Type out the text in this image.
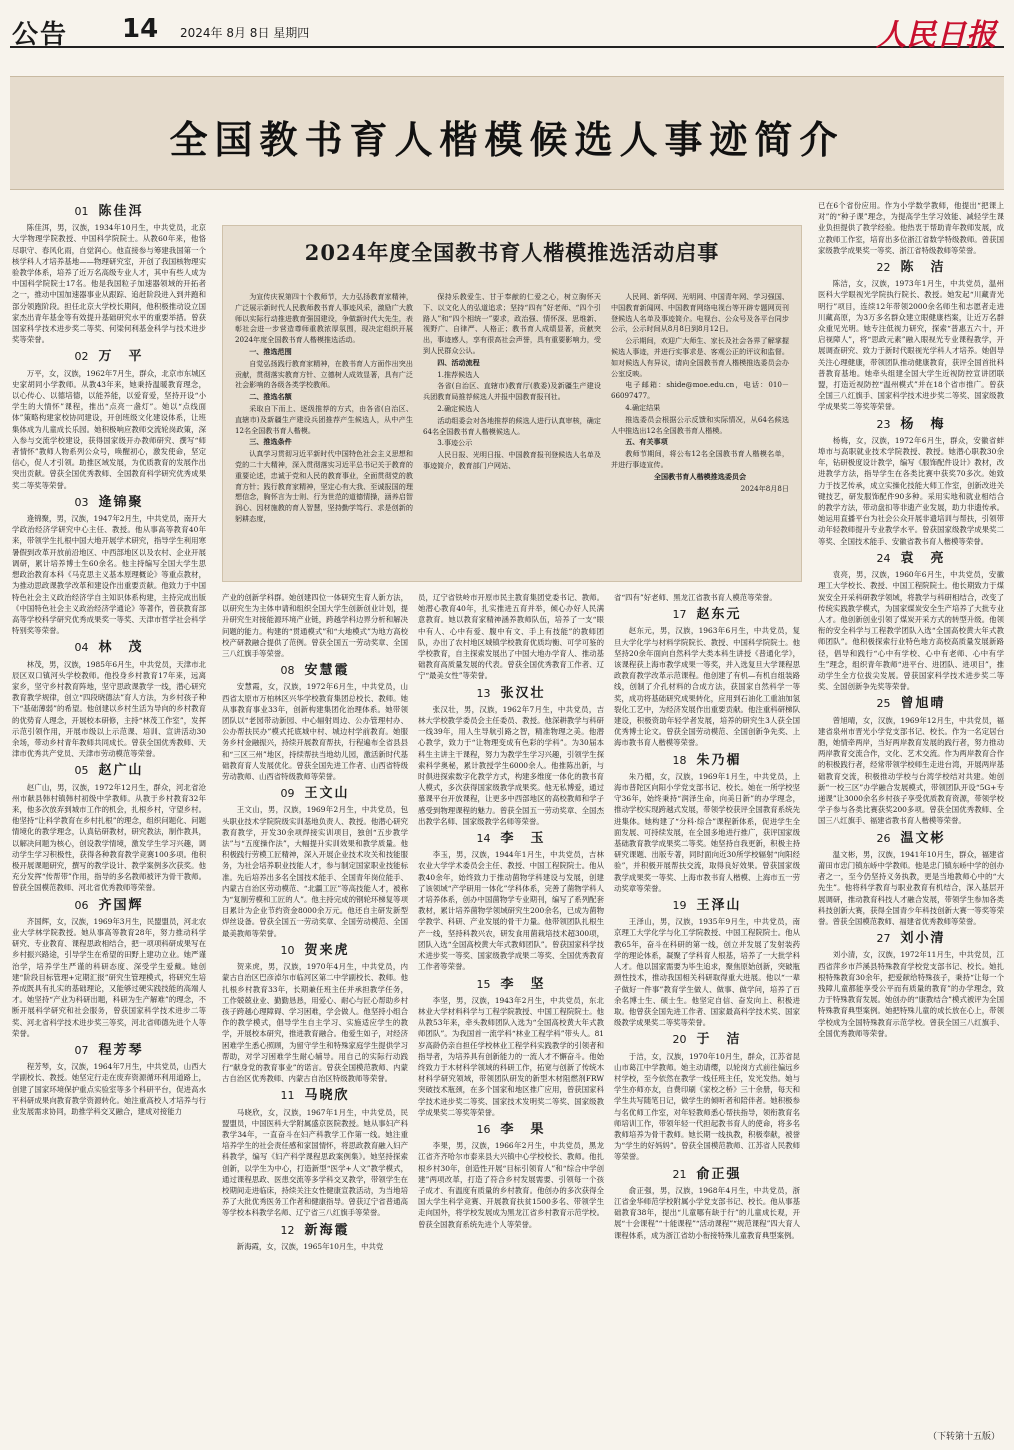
公告 14 2024年 8月 8日 星期四	人民日报
全国教书育人楷模候选人事迹简介
01 陈佳洱

陈佳洱，男，汉族，1934年10月生，中共党员，北京大学物理学院教授、中国科学院院士。从教60年来，他恪尽职守、春风化雨，自觉润心。他直接参与筹建我国第一个核学科人才培养基地——物理研究室，开创了我国核物理实验教学体系，培养了近万名高级专业人才，其中有些人成为中国科学院院士17名。他是我国粒子加速器领域的开拓者之一，推动中国加速器事业从跟踪、追赶阶段进入到并跑和部分领跑阶段。担任北京大学校长期间，他积极推动设立国家杰出青年基金等有效提升基础研究水平的重要举措。曾获国家科学技术进步奖二等奖、何梁何利基金科学与技术进步奖等荣誉。

02 万　平

万平，女，汉族，1962年7月生，群众，北京市东城区史家胡同小学教师。从教43年来，她秉持温暖教育理念，以心传心、以德培德，以能养能，以爱育爱，坚持开设“小学生的大情怀”课程，推出“点亮一盏灯”。她以“点线面体”策略构建家校协同建设，开创班级文化建设体系，让班集体成为儿童成长乐园。她积极响应教师交流轮岗政策，深入参与交流学校建设，获得国家级开办教师研究、撰写“师者情怀”教师人物系列公众号，唤醒初心，激发使命，坚定信心，促人才引领。助推区域发展，为优质教育的发展作出突出贡献。曾获全国优秀教师、全国教育科学研究优秀成果奖二等奖等荣誉。

03 逄锦聚

逄锦聚，男，汉族，1947年2月生，中共党员，南开大学政治经济学研究中心主任、教授。他从事高等教育40年来，带领学生扎根中国大地开展学术研究，指导学生利用寒暑假到改革开放前沿地区、中西部地区以及农村、企业开展调研，累计培养博士生60余名。他主持编写全国大学生思想政治教育本科《马克思主义基本原理概论》等重点教材，为推动思政课教学改革和建设作出重要贡献。他致力于中国特色社会主义政治经济学自主知识体系构建，主持完成出版《中国特色社会主义政治经济学通论》等著作，曾获教育部高等学校科学研究优秀成果奖一等奖、天津市哲学社会科学特别奖等荣誉。

04 林　茂

林茂，男，汉族，1985年6月生，中共党员，天津市北辰区双口镇河头学校教师。他投身乡村教育17年来，远离家乡，坚守乡村教育阵地，坚守思政课教学一线，潜心研究教育教学规律，创立“四段晓德法”育人方法，为乡村孩子种下“基础薄弱”的希望。他创建以乡村生活为导向的乡村教育的优势育人理念，开展校本研修，主持“林茂工作室”，发挥示范引领作用，开展市级以上示范课、培训、宣讲活动30余场，带动乡村青年教师共同成长。曾获全国优秀教师、天津市优秀共产党员、天津市劳动模范等荣誉。

05 赵广山

赵广山，男，汉族，1972年12月生，群众，河北省沧州市献县韩村镇韩村初级中学教师。从教于乡村教育32年来，他多次放弃到城市工作的机会，扎根乡村，守望乡村。他坚持“让科学教育在乡村扎根”的理念，组织问题化、问题情境化的教学理念，认真钻研教材，研究教法，制作教具，以解决问题为核心，创设教学情境，激发学生学习兴趣，调动学生学习积极性，获得各种教育教学竞赛100多项。他积极开展课题研究，撰写的教学设计、教学案例多次获奖。他充分发挥“传帮带”作用，指导的多名教师被评为骨干教师。曾获全国模范教师、河北省优秀教师等荣誉。

06 齐国辉

齐国辉，女，汉族，1969年3月生，民盟盟员，河北农业大学林学院教授。她从事高等教育28年，努力推动科学研究、专业教育、课程思政相结合，把一项项科研成果写在乡村振兴路途，引导学生在希望的田野上建功立业。她严谨治学，培养学生严谨的科研态度、深受学生爱戴。她创建“阶段目标管理+定期汇报”研究生管理模式，将研究生培养成既具有扎实的基础理论，又能够过硬实践技能的高端人才。她坚持“产业为科研出题，科研为生产解难”的理念，不断开展科学研究和社会服务，曾获国家科学技术进步二等奖、河北省科学技术进步奖三等奖，河北省师德先进个人等荣誉。

07 程芳琴

程芳琴，女，汉族，1964年7月生，中共党员，山西大学副校长、教授。她坚定行走在废弃资源循环利用道路上，创建了国家环境保护重点实验室等多个科研平台，促进高水平科研成果向教育教学资源转化。她注重高校人才培养与行业发展需求协同，助推学科交叉融合，建成对接能力

产业的创新学科群。她创建四位一体研究生育人新方法，以研究生为主体申请和组织全国大学生创新创业计划，提升研究生对接能源环境产业链，跨越学科边界分析和解决问题的能力。构建的“贯通模式”和“大地模式”为地方高校校产研教融合提供了范例。曾获全国五一劳动奖章、全国三八红旗手等荣誉。

08 安慧霞

安慧霞，女，汉族，1972年6月生，中共党员，山西省太原市万柏林区兴华学校教育集团总校长、教师。她从事教育事业33年，创新构建集团化治理体系。她带领团队以“老园带动新园、中心辐射周边、公办管理村办、公办帮扶民办”模式托底城中村、城边村学前教育。她服务乡村金融振兴，持续开展教育帮扶，行程遍布全省县县和“三区三州”地区，持续帮扶当地幼儿园，激活新时代基础教育育人发展优化。曾获全国先进工作者、山西省特级劳动教师、山西省特级教师等荣誉。

09 王文山

王文山，男，汉族，1969年2月生，中共党员，包头职业技术学院院级实训基地负责人、教授。他潜心研究教育教学，开发30余项焊接实训项目，独创“五步教学法”与“五度操作法”，大幅提升实训效果和教学质量。他积极践行劳模工匠精神，深入开展企业技术攻关和技能服务，为社会培养职业技能人才，参与制定国家职业技能标准。先后培养出多名全国技术能手、全国青年岗位能手、内蒙古自治区劳动模范、“北疆工匠”等高技能人才，被称为“复制劳模和工匠的人”。他主持完成的钢轮环梯复等项目累计为企业节约资金8000余万元。他还自主研发新型焊丝设备。曾获全国五一劳动奖章、全国劳动模范、全国最美教师等荣誉。

10 贺来虎

贺来虎，男，汉族，1970年4月生，中共党员，内蒙古自治区巴彦淖尔市临河区第二中学副校长、教师。他扎根乡村教育33年，长期兼任班主任并承担教学任务，工作兢兢业业、勤勤恳恳，用爱心、耐心与匠心帮助乡村孩子跨越心理障碍、学习困难，学会做人。他坚持小组合作的教学模式，倡导学生自主学习、实施适应学生的教学，开展校本研究，推进教育融合。他爱生如子，对经济困难学生悉心照顾，为留守学生和特殊家庭学生提供学习帮助，对学习困难学生耐心辅导。用自己的实际行动践行“献身党的教育事业”的诺言。曾获全国模范教师、内蒙古自治区优秀教师、内蒙古自治区特级教师等荣誉。

11 马晓欣

马晓欣，女，汉族，1967年1月生，中共党员，民盟盟员，中国医科大学附属盛京医院教授。她从事妇产科教学34年，一直奋斗在妇产科教学工作第一线。她注重培养学生的社会责任感和家国情怀，将思政教育融入妇产科教学，编写《妇产科学课程思政案例集》。她坚持探索创新，以学生为中心，打造新型“医学+人文”教学模式，通过课程思政、医患交流等多学科交叉教学，带领学生在校期间走进临床，持续关注女性健康宣教活动，为当地培养了大批优秀医务工作者和健康指导。曾获辽宁省普通高等学校本科教学名师、辽宁省三八红旗手等荣誉。

12 新海霞

新海霞，女，汉族，1965年10月生，中共党

员，辽宁省铁岭市开原市民主教育集团党委书记、教师。她潜心教育40年，扎实推进五育并举，倾心办好人民满意教育。她以教育家精神涵养教师队伍，培养了一支“眼中有人、心中有爱、腹中有文、手上有技能”的教师团队，办出了农村地区城镇学校教育优质均衡、可学可鉴的学校教育，自主探索发展出了中国大地办学育人、推动基础教育高质量发展的代表。曾获全国优秀教育工作者、辽宁“最美女性”等荣誉。

13 张汉壮

张汉壮，男，汉族，1962年7月生，中共党员，吉林大学校教学委员会主任委员、教授。他深耕教学与科研一线39年，用人生导航引路之智，精准物理之美。他潜心教学，致力于“让物理变成有色彩的学科”。为30届本科生主讲主干课程，努力为教学生学习兴趣，引领学生探索科学奥秘，累计教授学生6000余人。他推陈出新，与时俱进探索数字化教学方式，构建多维度一体化的教书育人模式，多次获得国家级教学成果奖。他无私博爱，通过慕课平台开放课程，让更多中西部地区的高校教师和学子感受到物理课程的魅力。曾获全国五一劳动奖章、全国杰出教学名师、国家级教学名师等荣誉。

14 李　玉

李玉，男，汉族，1944年1月生，中共党员，吉林农业大学学术委员会主任、教授、中国工程院院士。他从教40余年，始终致力于推动菌物学科建设与发展，创建了该领域“产学研用一体化”学科体系，完善了菌物学科人才培养体系，创办中国菌物学专业期刊，编写了系列配套教材，累计培养菌物学领域研究生200余名，已成为菌物学教学、科研、产业发展的骨干力量。他带领团队扎根生产一线，坚持科教兴农，研发食用菌栽培技术超300项，团队入选“全国高校黄大年式教师团队”。曾获国家科学技术进步奖一等奖、国家级教学成果二等奖、全国优秀教育工作者等荣誉。

15 李　坚

李坚，男，汉族，1943年2月生，中共党员，东北林业大学材料科学与工程学院教授、中国工程院院士。他从教53年来，牵头教师团队入选为“全国高校黄大年式教师团队”。为我国首一流学科“林业工程学科”带头人。81岁高龄仍亲自担任学校林业工程学科实践教学的引领者和指导者，为培养具有创新能力的一流人才不懈奋斗。他始终致力于木材科学领域的科研工作，拓宽与创新了传统木材科学研究领域，带领团队研发的新型木材阻燃剂FRW突破技术瓶颈，在多个国家和地区推广应用，曾获国家科学技术进步奖二等奖、国家技术发明奖二等奖、国家级教学成果奖二等奖等荣誉。

16 李　果

李果，男，汉族，1966年2月生，中共党员，黑龙江省齐齐哈尔市泰来县大兴镇中心学校校长、教师。他扎根乡村30年，创造性开展“目标引领育人”和“综合中学创建”两项改革，打造了符合乡村发展需要、引领每一个孩子成才、有温度有质量的乡村教育。他创办的多次获得全国大学生科学竞赛、开展教育扶贫1500多名、带领学生走向国外，将学校发展成为黑龙江省乡村教育示范学校。曾获全国教育系统先进个人等荣誉。

省“四有”好老师、黑龙江省教书育人模范等荣誉。

17 赵东元

赵东元，男，汉族，1963年6月生，中共党员，复旦大学化学与材料学院院长、教授、中国科学院院士。他坚持20余年面向自然科学大类本科生讲授《普通化学》，该课程获上海市教学成果一等奖，并入选复旦大学课程思政教育教学改革示范课程。他创建了有机—有机自组装路线，创制了介孔材料的合成方法，获国家自然科学一等奖，成功将基础研究成果转化，应用到石油化工重油加氢裂化工艺中，为经济发展作出重要贡献。他注重科研梯队建设，积极资助年轻学者发展，培养的研究生3人获全国优秀博士论文。曾获全国劳动模范、全国创新争先奖、上海市教书育人楷模等荣誉。

18 朱乃楣

朱乃楣，女，汉族，1969年1月生，中共党员，上海市普陀区向阳小学党支部书记、校长。她在一所学校坚守36年，始终秉持“润泽生命，向美日新”的办学理念，推动学校实现跨越式发展，带领学校获评全国教育系统先进集体。她构建了“分科·综合”课程新体系，促进学生全面发展、可持续发展，在全国多地进行推广，获评国家级基础教育教学成果奖二等奖。她坚持自我更新，积极主持研究课题、出版专著，同时面向近30所学校辐射“向阳经验”，并积极开展帮扶交流，取得良好效果。曾获国家级教学成果奖一等奖、上海市教书育人楷模、上海市五一劳动奖章等荣誉。

19 王泽山

王泽山，男，汉族，1935年9月生，中共党员，南京理工大学化学与化工学院教授、中国工程院院士。他从教65年，奋斗在科研的第一线，创立并发展了发射装药学的理论体系，凝聚了学科育人根基，培养了一大批学科人才。他以国家需要为毕生追求，聚焦原始创新，突破瓶颈性技术，推动我国相关科研取得重大进展。他以“一辈子做好一件事”教育学生做人、做事、做学问，培养了百余名博士生、硕士生。他坚定自信、奋发向上、积极进取。他曾获全国先进工作者、国家最高科学技术奖、国家级教学成果奖二等奖等荣誉。

20 于　洁

于洁，女，汉族，1970年10月生，群众，江苏省昆山市葛江中学教师。她主动请缨，以轮岗方式前往偏远乡村学校，至今依然在教学一线任班主任，发光发热。她与学生亦师亦友，自费印刷《家校之桥》三十余册，每天和学生共写随笔日记，做学生的倾听者和陪伴者。她积极参与名优师工作室，对年轻教师悉心帮扶指导，领衔教育名师培训工作，带领年轻一代担起教书育人的使命，将多名教师培养为骨干教师。她长期一线执教，积极奉献，被誉为“学生的好妈妈”。曾获全国模范教师、江苏省人民教师等荣誉。

21 俞正强

俞正强，男，汉族，1968年4月生，中共党员，浙江省金华师范学校附属小学党支部书记、校长。他从事基础教育38年，提出“儿童哪有缺于行”的儿童成长观，开展“十会课程”“十能课程”“活动课程”“规范课程”四大育人课程体系，成为浙江省幼小衔接特殊儿童教育典型案例。

已在6个省份应用。作为小学数学教师，他提出“把课上对”的“种子课”理念，为提高学生学习效能、减轻学生课业负担提供了教学经验。他热衷于帮助青年教师发展，成立教师工作室，培育出多位浙江省数学特级教师。曾获国家级教学成果奖一等奖、浙江省特级教师等荣誉。

22 陈　洁

陈洁，女，汉族，1973年1月生，中共党员，温州医科大学眼视光学院执行院长、教授。她发起“川藏青光明行”项目，连续12年带领2000余名师生和志愿者走进川藏高原，为3万多名群众建立眼健康档案，让近万名群众重见光明。她专注低视力研究，探索“普惠五六十，开启视障人”，将“思政元素”融入眼视光专业课程教学，开展调查研究、致力于新时代眼视光学科人才培养。她倡导关注心理健康，带领团队推动健康教育，获评全国首批科普教育基地。她牵头组建全国大学生近视防控宣讲团联盟，打造近视防控“温州模式”并在18个省市推广。曾获全国三八红旗手、国家科学技术进步奖二等奖、国家级教学成果奖二等奖等荣誉。

23 杨　梅

杨梅，女，汉族，1972年6月生，群众，安徽省蚌埠市与高职就业技术学院教授、教授。她潜心职教30余年，钻研极度设计教学，编写《服饰配件设计》教材，改进教学方法，指导学生在各类比赛中获奖70多次。她致力于技艺传承，成立实操化技能大师工作室，创新改进关键技艺，研发服饰配件90多种。采用实地和就业相结合的教学方法，带动盘扣等非遗产业发展，助力非遗传承。她运用直播平台为社会公众开展非遗培训与帮扶，引领带动年轻教师提升专业教学水平。曾获国家级教学成果奖二等奖、全国技术能手、安徽省教书育人楷模等荣誉。

24 袁　亮

袁亮，男，汉族，1960年6月生，中共党员，安徽理工大学校长、教授、中国工程院院士。他长期致力于煤炭安全开采科研教学领域，将教学与科研相结合，改变了传统实践教学模式，为国家煤炭安全生产培养了大批专业人才。他创新创业引领了煤炭开采方式的转型升级。他领衔的安全科学与工程教学团队入选“全国高校黄大年式教师团队”。他积极探索行业特色地方高校高质量发展新路径，倡导和践行“心中有学校、心中有老师、心中有学生”理念，组织青年教师“进平台、进团队、进项目”，推动学生全方位拔尖发展。曾获国家科学技术进步奖二等奖、全国创新争先奖等荣誉。

25 曾旭晴

曾旭晴，女，汉族，1969年12月生，中共党员，福建省泉州市晋光小学党支部书记、校长。作为一名定居台胞，她情牵两岸，当好两岸教育发展的践行者，努力推动两岸教育交流合作，文化、艺术交流。作为两岸教育合作的积极践行者，经常带领学校师生走进台湾，开展两岸基础教育交流，积极推动学校与台湾学校结对共建。她创新“一校三区”办学融合发展模式，带领团队开设“5G+专递课”让3000余名乡村孩子享受优质教育资源，带领学校学子参与各类比赛获奖200多项。曾获全国优秀教师、全国三八红旗手、福建省教书育人楷模等荣誉。

26 温文彬

温文彬，男，汉族，1941年10月生，群众，福建省莆田市忠门镇东峤中学教师。他是忠门镇东峤中学的创办者之一，至今仍坚持义务执教，更是当地教师心中的“大先生”。他将科学教育与职业教育有机结合，深入基层开展调研，推动教育科技人才融合发展，带领学生参加各类科技创新大赛，获得全国青少年科技创新大赛一等奖等荣誉。曾获全国模范教师、福建省优秀教师等荣誉。

27 刘小清

刘小清，女，汉族，1972年11月生，中共党员，江西省萍乡市芦溪县特殊教育学校党支部书记、校长。她扎根特殊教育30余年，把爱献给特殊孩子，秉持“让每一个残障儿童都能享受公平而有质量的教育”的办学理念，致力于特殊教育发展。她创办的“康教结合”模式被评为全国特殊教育典型案例。她把特殊儿童的成长放在心上，带领学校成为全国特殊教育示范学校。曾获全国三八红旗手、全国优秀教师等荣誉。

2024年度全国教书育人楷模推选活动启事

为宣传庆祝第四十个教师节，大力弘扬教育家精神，广泛展示新时代人民教师教书育人事迹风采，激励广大教师以实际行动推进教育强国建设，争做新时代大先生，表彰社会进一步营造尊师重教浓厚氛围，现决定组织开展2024年度全国教书育人楷模推选活动。

一、推选范围

自觉弘扬践行教育家精神，在教书育人方面作出突出贡献，贯彻落实教育方针、立德树人成效显著，具有广泛社会影响的各级各类学校教师。

二、推选名额

采取自下而上、逐级推荐的方式，由各省(自治区、直辖市)及新疆生产建设兵团推荐产生候选人，从中产生12名全国教书育人楷模。

三、推选条件

认真学习贯彻习近平新时代中国特色社会主义思想和党的二十大精神，深入贯彻落实习近平总书记关于教育的重要论述，忠诚于党和人民的教育事业，全面贯彻党的教育方针；践行教育家精神，坚定心有大我、至诚报国的理想信念，胸怀言为士则、行为世范的道德情操，涵养启智润心、因材施教的育人智慧，坚持勤学笃行、求是创新的躬耕态度，

保持乐教爱生、甘于奉献的仁爱之心，树立胸怀天下、以文化人的弘道追求；坚持“四有”好老师、“四个引路人”和“四个相统一”要求，政治强、情怀深、思维新、视野广、自律严、人格正；教书育人成绩显著，贡献突出，事迹感人，享有很高社会声誉，具有重要影响力，受到人民群众公认。

四、活动流程

1.推荐候选人

各省(自治区、直辖市)教育厅(教委)及新疆生产建设兵团教育局推荐候选人并报中国教育报刊社。

2.确定候选人

活动组委会对各地推荐的候选人进行认真审核，确定64名全国教书育人楷模候选人。

3.事迹公示

人民日报、光明日报、中国教育报刊登候选人名单及事迹简介，教育部门户网站、

人民网、新华网、光明网、中国青年网、学习强国、中国教育新闻网、中国教育网络电视台等开辟专题网页刊登候选人名单及事迹简介。电视台、公众号及各平台同步公示，公示时间从8月8日到8月12日。

公示期间，欢迎广大师生、家长及社会各界了解掌握候选人事迹，并进行实事求是、客观公正的评议和监督。如对候选人有异议，请向全国教书育人楷模推选委员会办公室反映。

电子邮箱：shide@moe.edu.cn，电话：010－66097477。

4.确定结果

推选委员会根据公示反馈和实际情况，从64名候选人中推选出12名全国教书育人楷模。

五、有关事项

教师节期间，将公布12名全国教书育人楷模名单，并进行事迹宣传。

全国教书育人楷模推选委员会

2024年8月8日

（下转第十五版）
